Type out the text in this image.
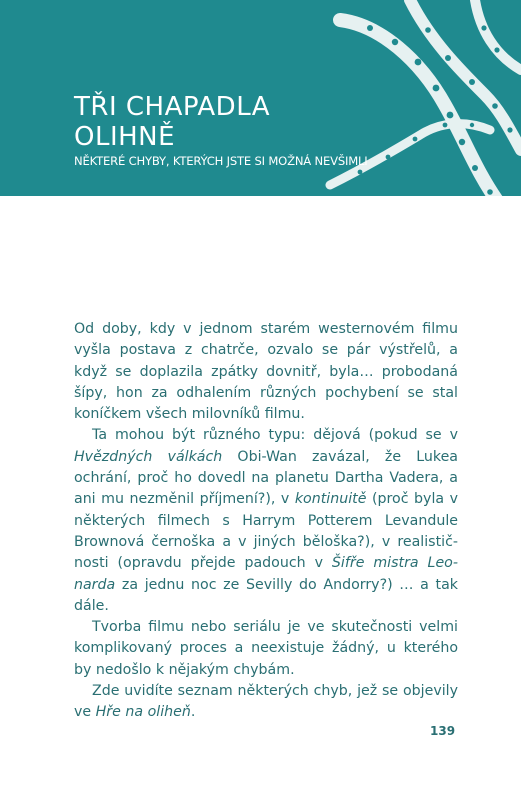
TŘI CHAPADLA OLIHNĚ
NĚKTERÉ CHYBY, KTERÝCH JSTE SI MOŽNÁ NEVŠIMLI

Od doby, kdy v jednom starém westernovém filmu vyšla postava z chatrče, ozvalo se pár výstřelů, a když se doplazila zpátky dovnitř, byla… probodaná šípy, hon za odhalením různých pochybení se stal koníčkem všech milovníků filmu.

Ta mohou být různého typu: dějová (pokud se v Hvězdných válkách Obi-Wan zavázal, že Lukea ochrání, proč ho dovedl na planetu Dartha Vadera, a ani mu nezměnil příjmení?), v kontinuitě (proč byla v některých filmech s Harrym Potterem Levandule Brownová černoška a v jiných běloška?), v realističnosti (opravdu přejde padouch v Šifře mistra Leonarda za jednu noc ze Sevilly do Andorry?) … a tak dále.

Tvorba filmu nebo seriálu je ve skutečnosti velmi komplikovaný proces a neexistuje žádný, u kterého by nedošlo k nějakým chybám.

Zde uvidíte seznam některých chyb, jež se objevily ve Hře na olihеň.

139
